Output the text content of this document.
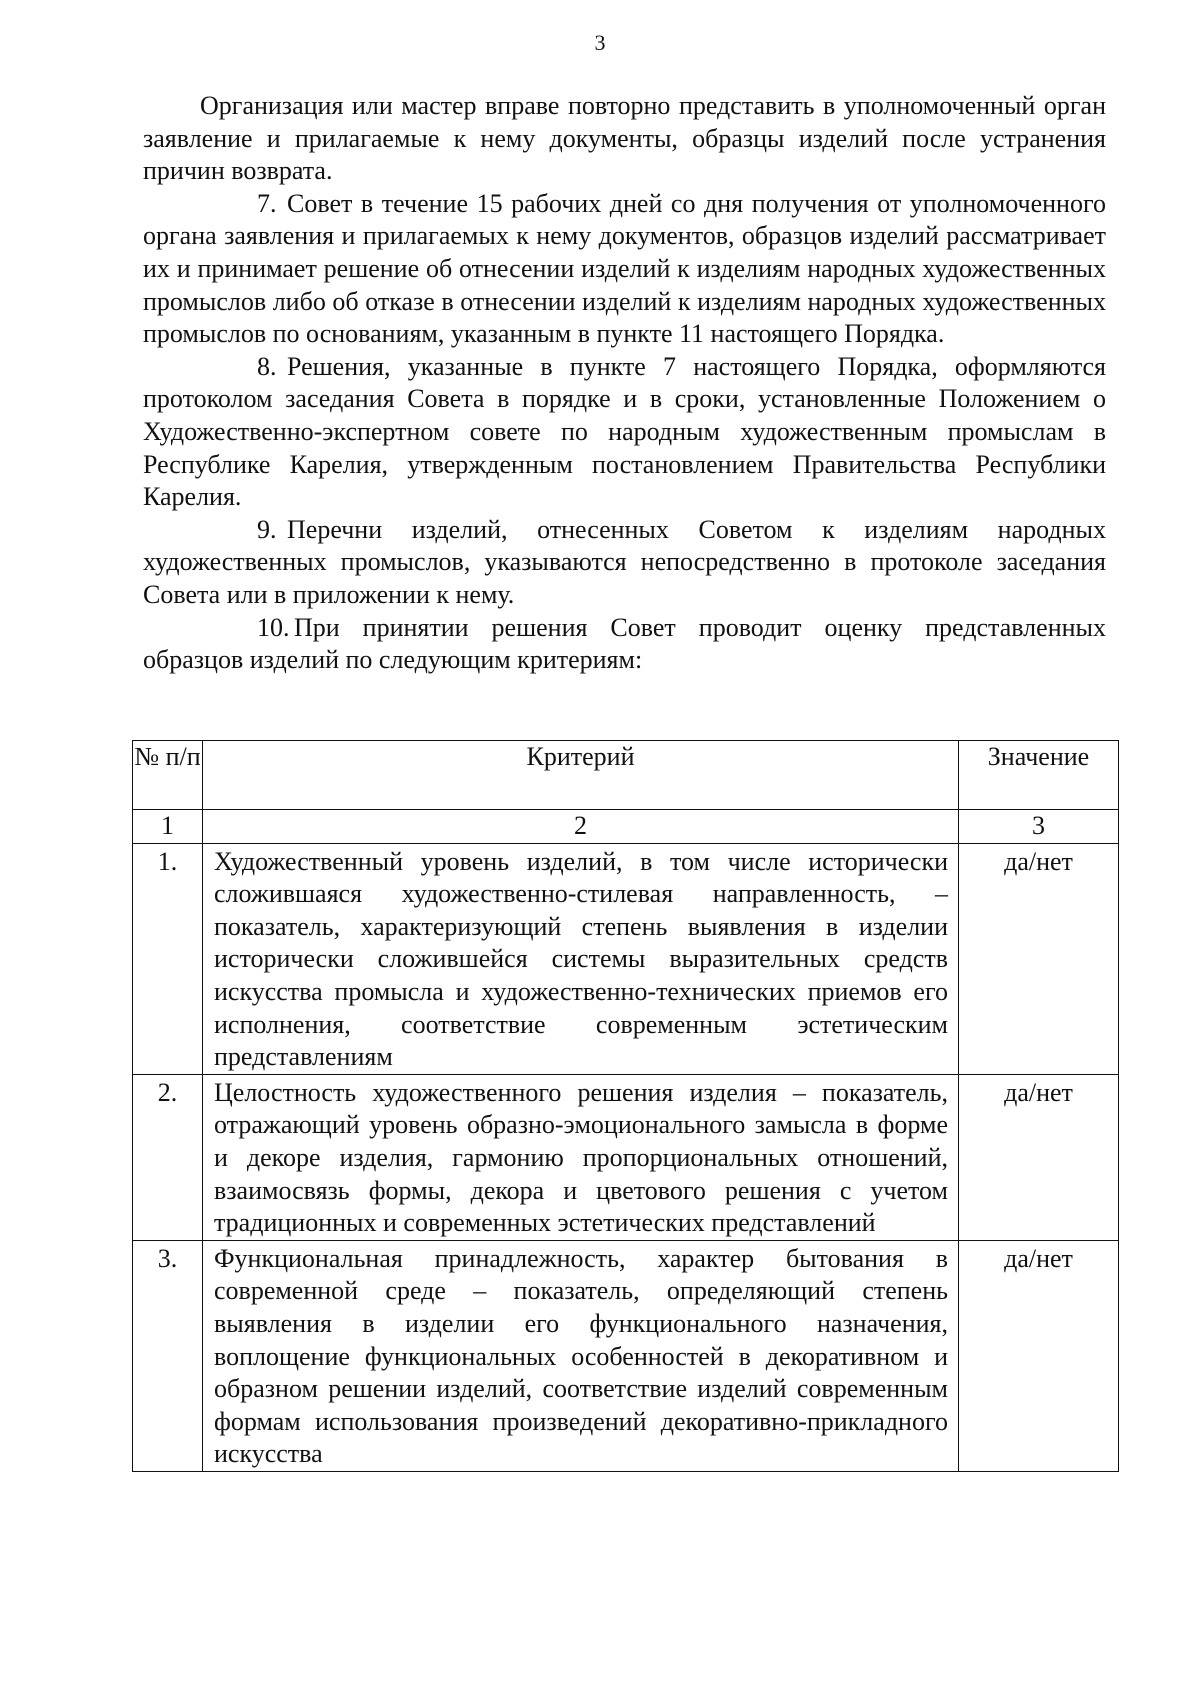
3

Организация или мастер вправе повторно представить в уполномоченный орган заявление и прилагаемые к нему документы, образцы изделий после устранения причин возврата.

7. Совет в течение 15 рабочих дней со дня получения от уполномоченного органа заявления и прилагаемых к нему документов, образцов изделий рассматривает их и принимает решение об отнесении изделий к изделиям народных художественных промыслов либо об отказе в отнесении изделий к изделиям народных художественных промыслов по основаниям, указанным в пункте 11 настоящего Порядка.

8. Решения, указанные в пункте 7 настоящего Порядка, оформляются протоколом заседания Совета в порядке и в сроки, установленные Положением о Художественно-экспертном совете по народным художественным промыслам в Республике Карелия, утвержденным постановлением Правительства Республики Карелия.

9. Перечни изделий, отнесенных Советом к изделиям народных художественных промыслов, указываются непосредственно в протоколе заседания Совета или в приложении к нему.

10. При принятии решения Совет проводит оценку представленных образцов изделий по следующим критериям:

№ п/п	Критерий	Значение
1	2	3
1.	Художественный уровень изделий, в том числе исторически сложившаяся художественно-стилевая направленность, – показатель, характеризующий степень выявления в изделии исторически сложившейся системы выразительных средств искусства промысла и художественно-технических приемов его исполнения, соответствие современным эстетическим представлениям	да/нет
2.	Целостность художественного решения изделия – показатель, отражающий уровень образно-эмоционального замысла в форме и декоре изделия, гармонию пропорциональных отношений, взаимосвязь формы, декора и цветового решения с учетом традиционных и современных эстетических представлений	да/нет
3.	Функциональная принадлежность, характер бытования в современной среде – показатель, определяющий степень выявления в изделии его функционального назначения, воплощение функциональных особенностей в декоративном и образном решении изделий, соответствие изделий современным формам использования произведений декоративно-прикладного искусства	да/нет
